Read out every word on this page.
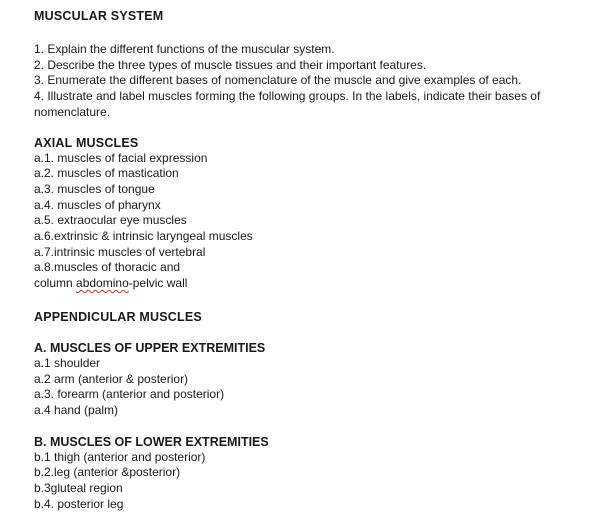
MUSCULAR SYSTEM
1. Explain the different functions of the muscular system.
2. Describe the three types of muscle tissues and their important features.
3. Enumerate the different bases of nomenclature of the muscle and give examples of each.
4. Illustrate and label muscles forming the following groups. In the labels, indicate their bases of nomenclature.
AXIAL MUSCLES
a.1. muscles of facial expression
a.2. muscles of mastication
a.3. muscles of tongue
a.4. muscles of pharynx
a.5. extraocular eye muscles
a.6.extrinsic & intrinsic laryngeal muscles
a.7.intrinsic muscles of vertebral
a.8.muscles of thoracic and
column abdomino-pelvic wall
APPENDICULAR MUSCLES
A. MUSCLES OF UPPER EXTREMITIES
a.1 shoulder
a.2 arm (anterior & posterior)
a.3. forearm (anterior and posterior)
a.4 hand (palm)
B. MUSCLES OF LOWER EXTREMITIES
b.1 thigh (anterior and posterior)
b.2.leg (anterior &posterior)
b.3gluteal region
b.4. posterior leg
